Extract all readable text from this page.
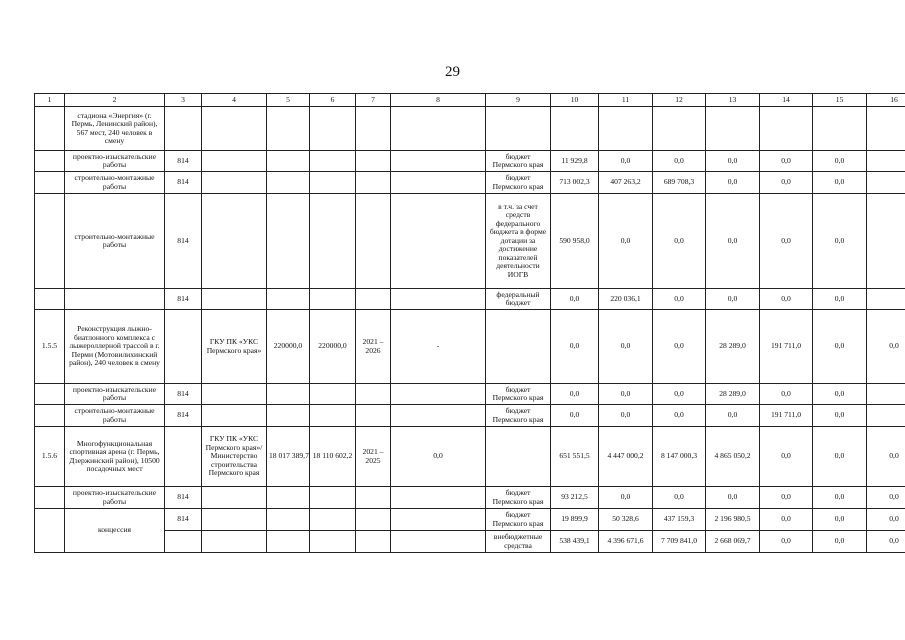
29
1	2	3	4	5	6	7	8	9	10	11	12	13	14	15	16
	стадиона «Энергия» (г. Пермь, Ленинский район), 567 мест, 240 человек в смену														
	проектно-изыскательские работы	814						бюджет Пермского края	11 929,8	0,0	0,0	0,0	0,0	0,0	
	строительно-монтажные работы	814						бюджет Пермского края	713 002,3	407 263,2	689 708,3	0,0	0,0	0,0	
	строительно-монтажные работы	814						в т.ч. за счет средств федерального бюджета в форме дотации за достижение показателей деятельности ИОГВ	590 958,0	0,0	0,0	0,0	0,0	0,0	
		814						федеральный бюджет	0,0	220 036,1	0,0	0,0	0,0	0,0	
1.5.5	Реконструкция лыжно-биатлонного комплекса с лыжероллерной трассой в г. Перми (Мотовилихинский район), 240 человек в смену		ГКУ ПК «УКС Пермского края»	220000,0	220000,0	2021 – 2026	-		0,0	0,0	0,0	28 289,0	191 711,0	0,0	0,0
	проектно-изыскательские работы	814						бюджет Пермского края	0,0	0,0	0,0	28 289,0	0,0	0,0	
	строительно-монтажные работы	814						бюджет Пермского края	0,0	0,0	0,0	0,0	191 711,0	0,0	
1.5.6	Многофункциональная спортивная арена (г. Пермь, Дзержинский район), 10500 посадочных мест		ГКУ ПК «УКС Пермского края»/ Министерство строительства Пермского края	18 017 389,7	18 110 602,2	2021 – 2025	0,0		651 551,5	4 447 000,2	8 147 000,3	4 865 050,2	0,0	0,0	0,0
	проектно-изыскательские работы	814						бюджет Пермского края	93 212,5	0,0	0,0	0,0	0,0	0,0	0,0
	концессия	814						бюджет Пермского края	19 899,9	50 328,6	437 159,3	2 196 980,5	0,0	0,0	0,0
								внебюджетные средства	538 439,1	4 396 671,6	7 709 841,0	2 668 069,7	0,0	0,0	0,0
